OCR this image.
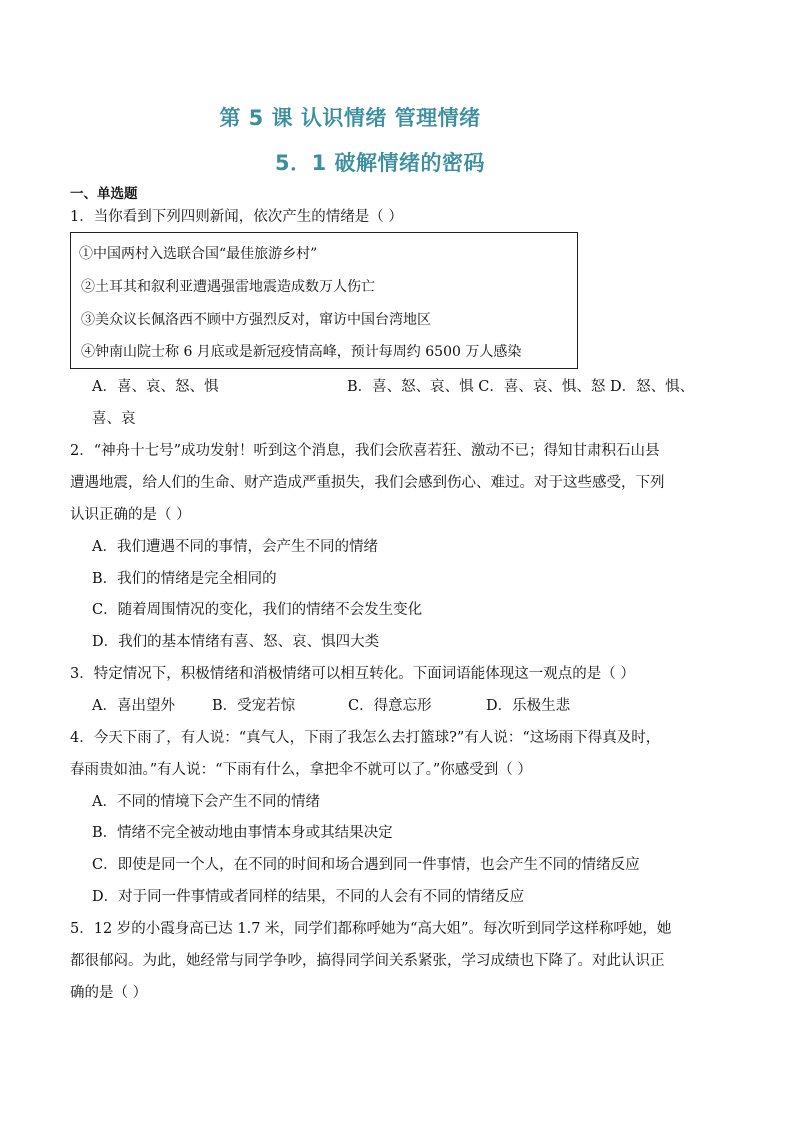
第 5 课 认识情绪 管理情绪
5．1 破解情绪的密码
一、单选题
1．当你看到下列四则新闻，依次产生的情绪是（ ）
①中国两村入选联合国“最佳旅游乡村”
②土耳其和叙利亚遭遇强雷地震造成数万人伤亡
③美众议长佩洛西不顾中方强烈反对，窜访中国台湾地区
④钟南山院士称 6 月底或是新冠疫情高峰，预计每周约 6500 万人感染
A．喜、哀、怒、惧	B．喜、怒、哀、惧 C．喜、哀、惧、怒 D．怒、惧、
喜、哀
2．“神舟十七号”成功发射！听到这个消息，我们会欣喜若狂、激动不已；得知甘肃积石山县
遭遇地震，给人们的生命、财产造成严重损失，我们会感到伤心、难过。对于这些感受，下列
认识正确的是（ ）
A．我们遭遇不同的事情，会产生不同的情绪
B．我们的情绪是完全相同的
C．随着周围情况的变化，我们的情绪不会发生变化
D．我们的基本情绪有喜、怒、哀、惧四大类
3．特定情况下，积极情绪和消极情绪可以相互转化。下面词语能体现这一观点的是（ ）
A．喜出望外	B．受宠若惊	C．得意忘形	D．乐极生悲
4．今天下雨了，有人说：“真气人，下雨了我怎么去打篮球?”有人说：“这场雨下得真及时，
春雨贵如油。”有人说：“下雨有什么，拿把伞不就可以了。”你感受到（ ）
A．不同的情境下会产生不同的情绪
B．情绪不完全被动地由事情本身或其结果决定
C．即使是同一个人，在不同的时间和场合遇到同一件事情，也会产生不同的情绪反应
D．对于同一件事情或者同样的结果，不同的人会有不同的情绪反应
5．12 岁的小霞身高已达 1.7 米，同学们都称呼她为“高大姐”。每次听到同学这样称呼她，她
都很郁闷。为此，她经常与同学争吵，搞得同学间关系紧张，学习成绩也下降了。对此认识正
确的是（ ）
